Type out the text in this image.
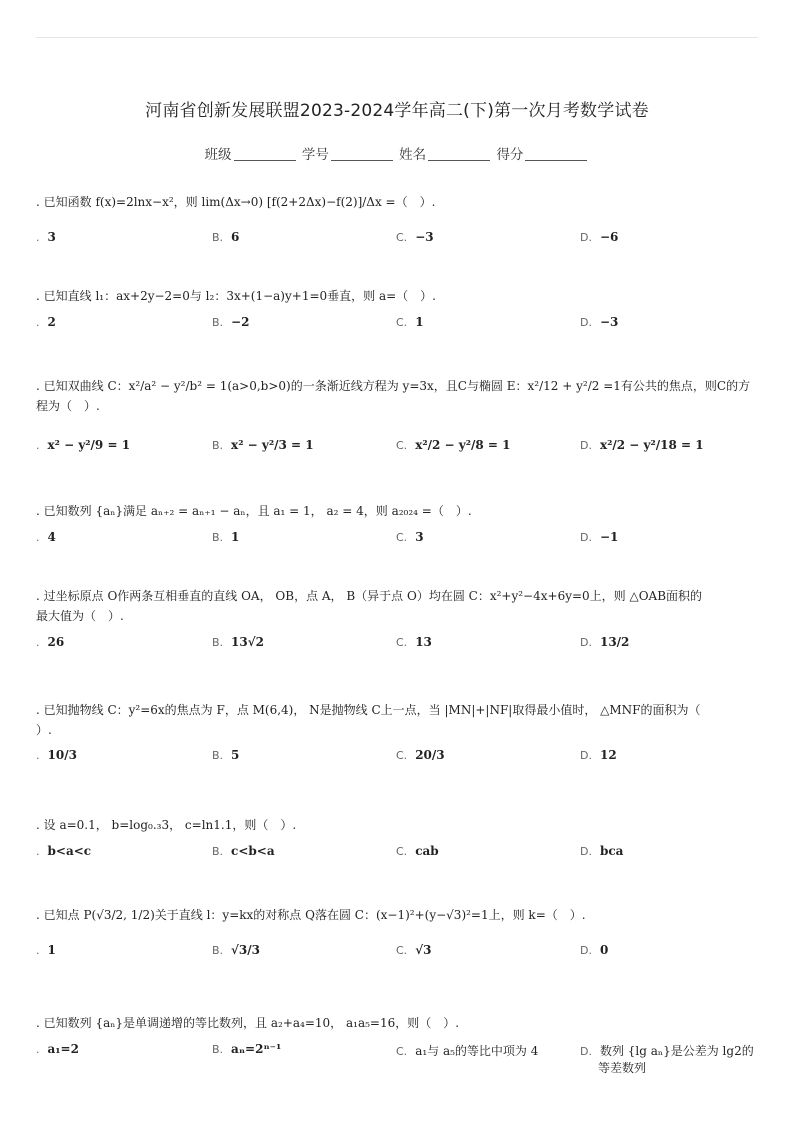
河南省创新发展联盟2023-2024学年高二(下)第一次月考数学试卷
班级	学号	姓名	得分
. 已知函数 f(x)=2lnx−x²，则 lim(Δx→0) [f(2+2Δx)−f(2)]/Δx =（　）.
. 3	B. 6	C. −3	D. −6
. 已知直线 l₁：ax+2y−2=0与 l₂：3x+(1−a)y+1=0垂直，则 a=（　）.
. 2	B. −2	C. 1	D. −3
. 已知双曲线 C：x²/a² − y²/b² = 1(a>0,b>0)的一条渐近线方程为 y=3x，且C与椭圆 E：x²/12 + y²/2 =1有公共的焦点，则C的方
程为（　）.
. x² − y²/9 = 1	B. x² − y²/3 = 1	C. x²/2 − y²/8 = 1	D. x²/2 − y²/18 = 1
. 已知数列 {aₙ}满足 aₙ₊₂ = aₙ₊₁ − aₙ，且 a₁ = 1， a₂ = 4，则 a₂₀₂₄ =（　）.
. 4	B. 1	C. 3	D. −1
. 过坐标原点 O作两条互相垂直的直线 OA， OB，点 A， B（异于点 O）均在圆 C：x²+y²−4x+6y=0上，则 △OAB面积的
最大值为（　）.
. 26	B. 13√2	C. 13	D. 13/2
. 已知抛物线 C：y²=6x的焦点为 F，点 M(6,4)， N是抛物线 C上一点，当 |MN|+|NF|取得最小值时， △MNF的面积为（
）.
. 10/3	B. 5	C. 20/3	D. 12
. 设 a=0.1， b=log₀.₃3， c=ln1.1，则（　）.
. b<a<c	B. c<b<a	C. cab	D. bca
. 已知点 P(√3/2, 1/2)关于直线 l：y=kx的对称点 Q落在圆 C：(x−1)²+(y−√3)²=1上，则 k=（　）.
. 1	B. √3/3	C. √3	D. 0
. 已知数列 {aₙ}是单调递增的等比数列，且 a₂+a₄=10， a₁a₅=16，则（　）.
. a₁=2	B. aₙ=2ⁿ⁻¹	C. a₁与 a₅的等比中项为 4	D. 数列 {lg aₙ}是公差为 lg2的
等差数列
